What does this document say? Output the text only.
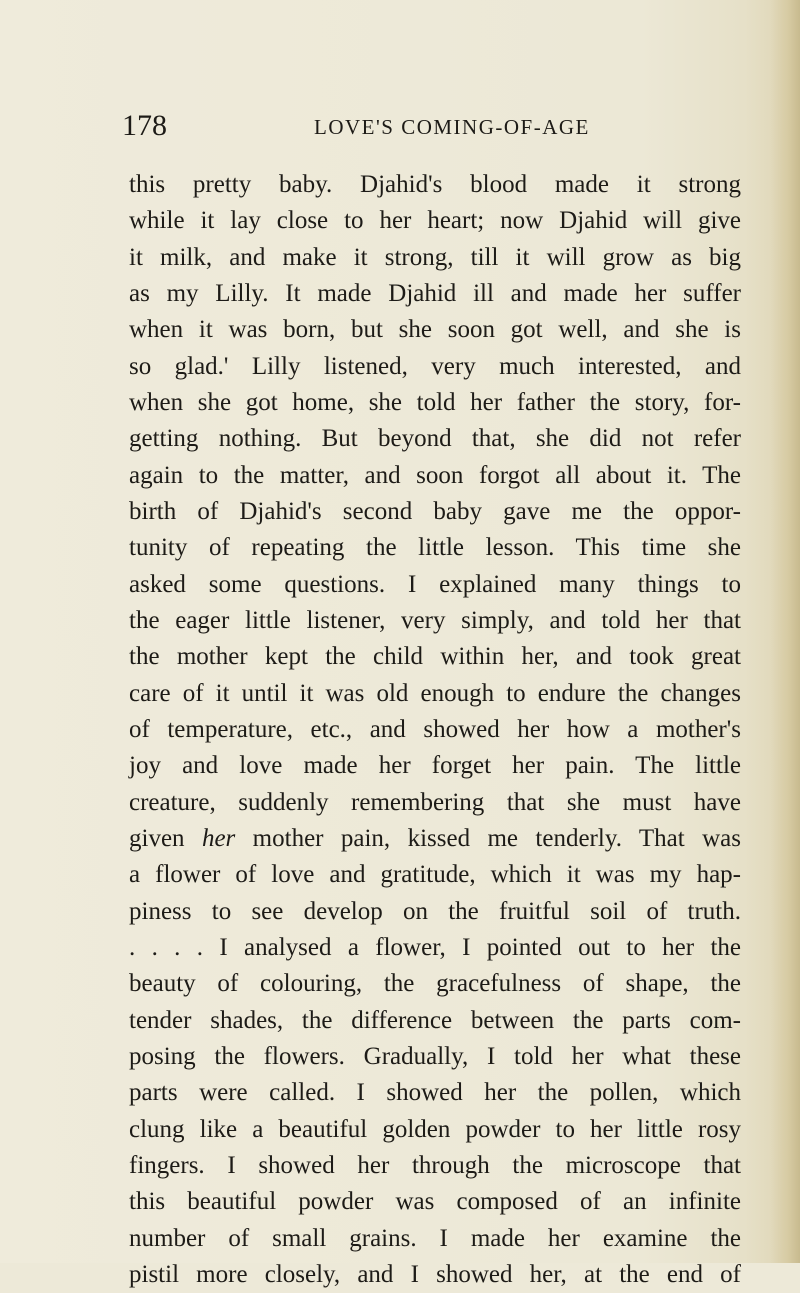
178	LOVE'S COMING-OF-AGE
this pretty baby. Djahid's blood made it strong
while it lay close to her heart; now Djahid will give
it milk, and make it strong, till it will grow as big
as my Lilly. It made Djahid ill and made her suffer
when it was born, but she soon got well, and she is
so glad.' Lilly listened, very much interested, and
when she got home, she told her father the story, for-
getting nothing. But beyond that, she did not refer
again to the matter, and soon forgot all about it. The
birth of Djahid's second baby gave me the oppor-
tunity of repeating the little lesson. This time she
asked some questions. I explained many things to
the eager little listener, very simply, and told her that
the mother kept the child within her, and took great
care of it until it was old enough to endure the changes
of temperature, etc., and showed her how a mother's
joy and love made her forget her pain. The little
creature, suddenly remembering that she must have
given her mother pain, kissed me tenderly. That was
a flower of love and gratitude, which it was my hap-
piness to see develop on the fruitful soil of truth.
. . . . I analysed a flower, I pointed out to her the
beauty of colouring, the gracefulness of shape, the
tender shades, the difference between the parts com-
posing the flowers. Gradually, I told her what these
parts were called. I showed her the pollen, which
clung like a beautiful golden powder to her little rosy
fingers. I showed her through the microscope that
this beautiful powder was composed of an infinite
number of small grains. I made her examine the
pistil more closely, and I showed her, at the end of
